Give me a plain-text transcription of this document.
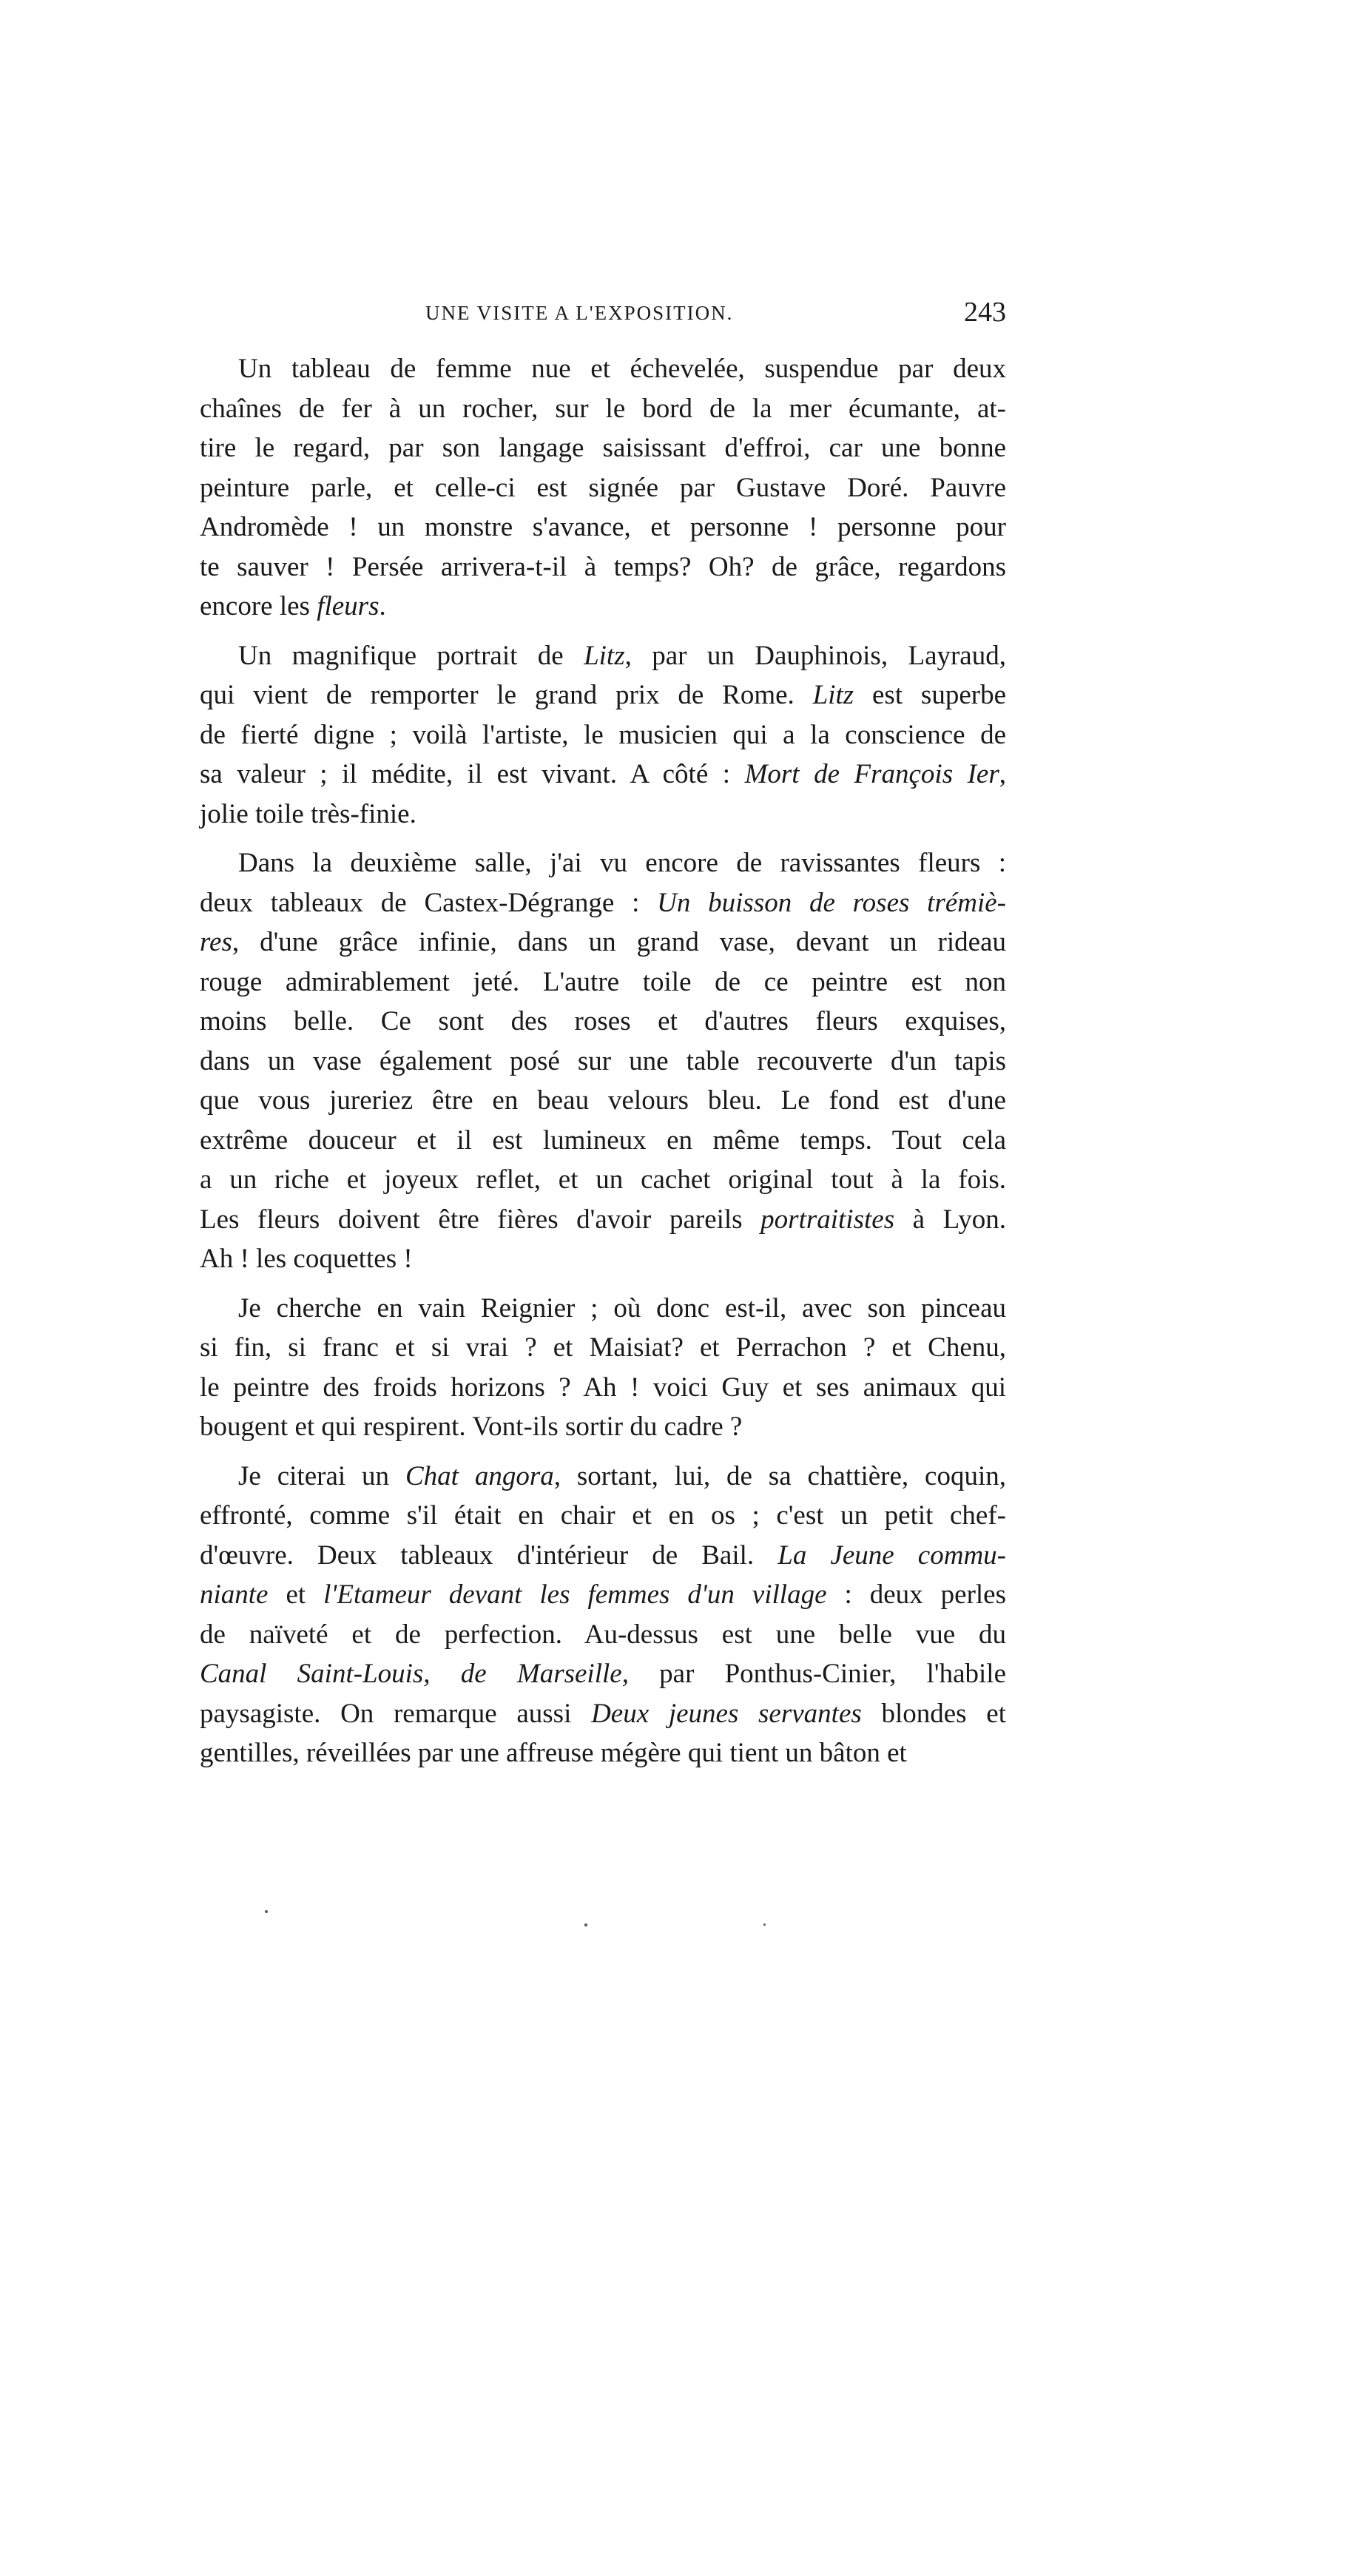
UNE VISITE A L'EXPOSITION.	243
Un tableau de femme nue et échevelée, suspendue par deux
chaînes de fer à un rocher, sur le bord de la mer écumante, at-
tire le regard, par son langage saisissant d'effroi, car une bonne
peinture parle, et celle-ci est signée par Gustave Doré. Pauvre
Andromède ! un monstre s'avance, et personne ! personne pour
te sauver ! Persée arrivera-t-il à temps? Oh? de grâce, regardons
encore les fleurs.
Un magnifique portrait de Litz, par un Dauphinois, Layraud,
qui vient de remporter le grand prix de Rome. Litz est superbe
de fierté digne ; voilà l'artiste, le musicien qui a la conscience de
sa valeur ; il médite, il est vivant. A côté : Mort de François Ier,
jolie toile très-finie.
Dans la deuxième salle, j'ai vu encore de ravissantes fleurs :
deux tableaux de Castex-Dégrange : Un buisson de roses trémiè-
res, d'une grâce infinie, dans un grand vase, devant un rideau
rouge admirablement jeté. L'autre toile de ce peintre est non
moins belle. Ce sont des roses et d'autres fleurs exquises,
dans un vase également posé sur une table recouverte d'un tapis
que vous jureriez être en beau velours bleu. Le fond est d'une
extrême douceur et il est lumineux en même temps. Tout cela
a un riche et joyeux reflet, et un cachet original tout à la fois.
Les fleurs doivent être fières d'avoir pareils portraitistes à Lyon.
Ah ! les coquettes !
Je cherche en vain Reignier ; où donc est-il, avec son pinceau
si fin, si franc et si vrai ? et Maisiat? et Perrachon ? et Chenu,
le peintre des froids horizons ? Ah ! voici Guy et ses animaux qui
bougent et qui respirent. Vont-ils sortir du cadre ?
Je citerai un Chat angora, sortant, lui, de sa chattière, coquin,
effronté, comme s'il était en chair et en os ; c'est un petit chef-
d'œuvre. Deux tableaux d'intérieur de Bail. La Jeune commu-
niante et l'Etameur devant les femmes d'un village : deux perles
de naïveté et de perfection. Au-dessus est une belle vue du
Canal Saint-Louis, de Marseille, par Ponthus-Cinier, l'habile
paysagiste. On remarque aussi Deux jeunes servantes blondes et
gentilles, réveillées par une affreuse mégère qui tient un bâton et
